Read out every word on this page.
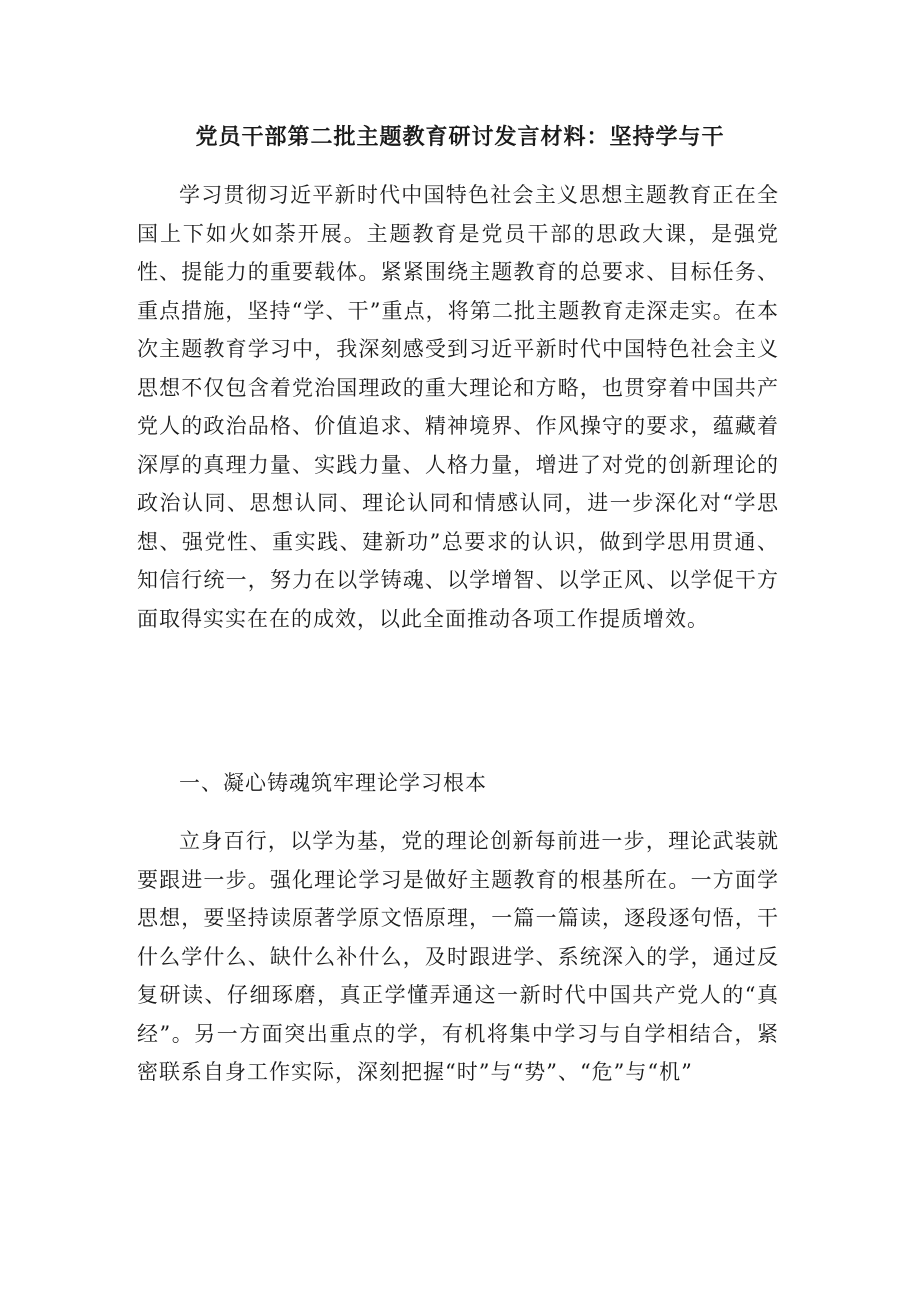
党员干部第二批主题教育研讨发言材料：坚持学与干

学习贯彻习近平新时代中国特色社会主义思想主题教育正在全国上下如火如荼开展。主题教育是党员干部的思政大课，是强党性、提能力的重要载体。紧紧围绕主题教育的总要求、目标任务、重点措施，坚持“学、干”重点，将第二批主题教育走深走实。在本次主题教育学习中，我深刻感受到习近平新时代中国特色社会主义思想不仅包含着党治国理政的重大理论和方略，也贯穿着中国共产党人的政治品格、价值追求、精神境界、作风操守的要求，蕴藏着深厚的真理力量、实践力量、人格力量，增进了对党的创新理论的政治认同、思想认同、理论认同和情感认同，进一步深化对“学思想、强党性、重实践、建新功”总要求的认识，做到学思用贯通、知信行统一，努力在以学铸魂、以学增智、以学正风、以学促干方面取得实实在在的成效，以此全面推动各项工作提质增效。

一、凝心铸魂筑牢理论学习根本

立身百行，以学为基，党的理论创新每前进一步，理论武装就要跟进一步。强化理论学习是做好主题教育的根基所在。一方面学思想，要坚持读原著学原文悟原理，一篇一篇读，逐段逐句悟，干什么学什么、缺什么补什么，及时跟进学、系统深入的学，通过反复研读、仔细琢磨，真正学懂弄通这一新时代中国共产党人的“真经”。另一方面突出重点的学，有机将集中学习与自学相结合，紧密联系自身工作实际，深刻把握“时”与“势”、“危”与“机”
